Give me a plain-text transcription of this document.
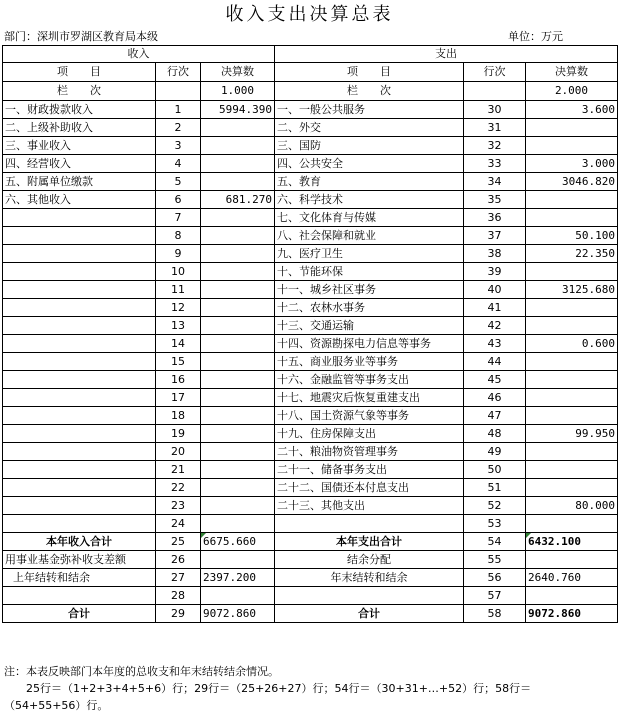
收入支出决算总表
部门：深圳市罗湖区教育局本级	单位：万元
收入			支出		
项　　目	行次	决算数	项　　目	行次	决算数
栏　　次		1.000	栏　　次		2.000
一、财政拨款收入	1	5994.390	一、一般公共服务	30	3.600
二、上级补助收入	2		二、外交	31	
三、事业收入	3		三、国防	32	
四、经营收入	4		四、公共安全	33	3.000
五、附属单位缴款	5		五、教育	34	3046.820
六、其他收入	6	681.270	六、科学技术	35	
	7		七、文化体育与传媒	36	
	8		八、社会保障和就业	37	50.100
	9		九、医疗卫生	38	22.350
	10		十、节能环保	39	
	11		十一、城乡社区事务	40	3125.680
	12		十二、农林水事务	41	
	13		十三、交通运输	42	
	14		十四、资源勘探电力信息等事务	43	0.600
	15		十五、商业服务业等事务	44	
	16		十六、金融监管等事务支出	45	
	17		十七、地震灾后恢复重建支出	46	
	18		十八、国土资源气象等事务	47	
	19		十九、住房保障支出	48	99.950
	20		二十、粮油物资管理事务	49	
	21		二十一、储备事务支出	50	
	22		二十二、国债还本付息支出	51	
	23		二十三、其他支出	52	80.000
	24			53	
本年收入合计	25	6675.660	本年支出合计	54	6432.100
用事业基金弥补收支差额	26		结余分配	55	
上年结转和结余	27	2397.200	年末结转和结余	56	2640.760
	28			57	
合计	29	9072.860	合计	58	9072.860
注：本表反映部门本年度的总收支和年末结转结余情况。
　　25行＝（1+2+3+4+5+6）行；29行＝（25+26+27）行；54行＝（30+31+…+52）行；58行＝
（54+55+56）行。
